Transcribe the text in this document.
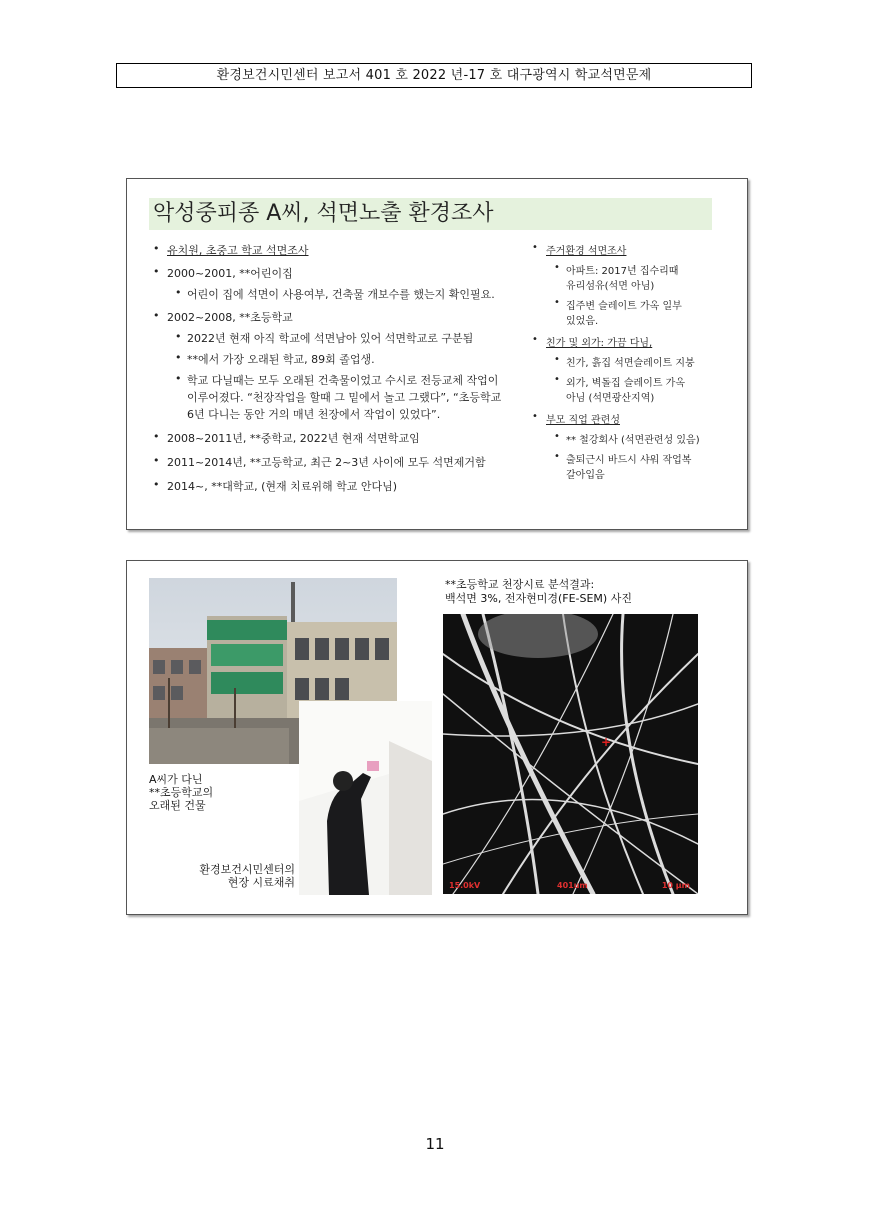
환경보건시민센터 보고서 401 호 2022 년-17 호 대구광역시 학교석면문제
악성중피종 A씨, 석면노출 환경조사
• 유치원, 초중고 학교 석면조사
• 2000~2001, **어린이집
• 어린이 집에 석면이 사용여부, 건축물 개보수를 했는지 확인필요.
• 2002~2008, **초등학교
• 2022년 현재 아직 학교에 석면남아 있어 석면학교로 구분됨
• **에서 가장 오래된 학교, 89회 졸업생.
• 학교 다닐때는 모두 오래된 건축물이었고 수시로 전등교체 작업이
이루어졌다. “천장작업을 할때 그 밑에서 놀고 그랬다”, “초등학교
6년 다니는 동안 거의 매년 천장에서 작업이 있었다”.
• 2008~2011년, **중학교, 2022년 현재 석면학교임
• 2011~2014년, **고등학교, 최근 2~3년 사이에 모두 석면제거함
• 2014~, **대학교, (현재 치료위해 학교 안다님)
• 주거환경 석면조사
• 아파트: 2017년 집수리때
유리섬유(석면 아님)
• 집주변 슬레이트 가옥 일부
있었음.
• 친가 및 외가: 가끔 다님,
• 친가, 흙집 석면슬레이트 지붕
• 외가, 벽돌집 슬레이트 가옥
아님 (석면광산지역)
• 부모 직업 관련성
• ** 철강회사 (석면관련성 있음)
• 출퇴근시 바드시 샤워 작업복
갈아입음
A씨가 다닌
**초등학교의
오래된 건물
환경보건시민센터의
현장 시료채취
**초등학교 천장시료 분석결과:
백석면 3%, 전자현미경(FE-SEM) 사진
+
15.0kV	401um	10 μm
11
